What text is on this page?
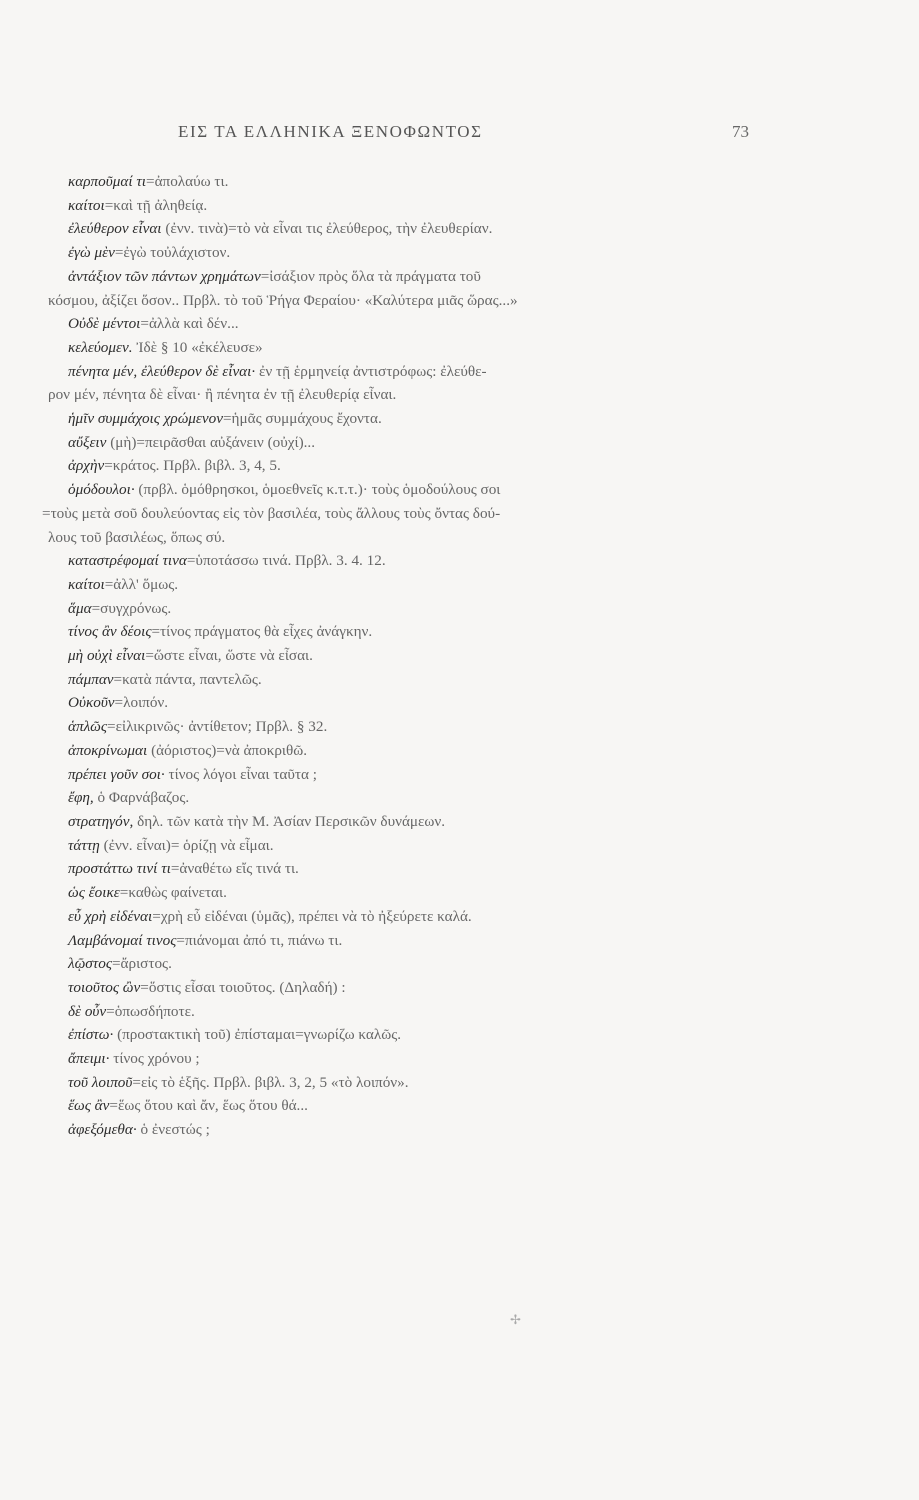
ΕΙΣ ΤΑ ΕΛΛΗΝΙΚΑ ΞΕΝΟΦΩΝΤΟΣ	73
καρποῦμαί τι=ἀπολαύω τι.
καίτοι=καὶ τῇ ἀληθείᾳ.
ἐλεύθερον εἶναι (ἐνν. τινὰ)=τὸ νὰ εἶναι τις ἐλεύθερος, τὴν ἐλευθερίαν.
ἐγὼ μὲν=ἐγὼ τοὐλάχιστον.
ἀντάξιον τῶν πάντων χρημάτων=ἰσάξιον πρὸς ὅλα τὰ πράγματα τοῦ
κόσμου, ἀξίζει ὅσον.. Πρβλ. τὸ τοῦ Ῥήγα Φεραίου· «Καλύτερα μιᾶς ὥρας...»
Οὐδὲ μέντοι=ἀλλὰ καὶ δέν...
κελεύομεν. Ἰδὲ § 10 «ἐκέλευσε»
πένητα μέν, ἐλεύθερον δὲ εἶναι· ἐν τῇ ἑρμηνείᾳ ἀντιστρόφως: ἐλεύθε-
ρον μέν, πένητα δὲ εἶναι· ἢ πένητα ἐν τῇ ἐλευθερίᾳ εἶναι.
ἡμῖν συμμάχοις χρώμενον=ἡμᾶς συμμάχους ἔχοντα.
αὔξειν (μὴ)=πειρᾶσθαι αὐξάνειν (οὐχί)...
ἀρχὴν=κράτος. Πρβλ. βιβλ. 3, 4, 5.
ὁμόδουλοι· (πρβλ. ὁμόθρησκοι, ὁμοεθνεῖς κ.τ.τ.)· τοὺς ὁμοδούλους σοι
=τοὺς μετὰ σοῦ δουλεύοντας εἰς τὸν βασιλέα, τοὺς ἄλλους τοὺς ὄντας δού-
λους τοῦ βασιλέως, ὅπως σύ.
καταστρέφομαί τινα=ὑποτάσσω τινά. Πρβλ. 3. 4. 12.
καίτοι=ἀλλ' ὅμως.
ἅμα=συγχρόνως.
τίνος ἂν δέοις=τίνος πράγματος θὰ εἶχες ἀνάγκην.
μὴ οὐχὶ εἶναι=ὥστε εἶναι, ὥστε νὰ εἶσαι.
πάμπαν=κατὰ πάντα, παντελῶς.
Οὐκοῦν=λοιπόν.
ἁπλῶς=εἰλικρινῶς· ἀντίθετον; Πρβλ. § 32.
ἀποκρίνωμαι (ἀόριστος)=νὰ ἀποκριθῶ.
πρέπει γοῦν σοι· τίνος λόγοι εἶναι ταῦτα ;
ἔφη, ὁ Φαρνάβαζος.
στρατηγόν, δηλ. τῶν κατὰ τὴν Μ. Ἀσίαν Περσικῶν δυνάμεων.
τάττῃ (ἐνν. εἶναι)= ὁρίζῃ νὰ εἶμαι.
προστάττω τινί τι=ἀναθέτω εἴς τινά τι.
ὡς ἔοικε=καθὼς φαίνεται.
εὖ χρὴ εἰδέναι=χρὴ εὖ εἰδέναι (ὑμᾶς), πρέπει νὰ τὸ ἠξεύρετε καλά.
Λαμβάνομαί τινος=πιάνομαι ἀπό τι, πιάνω τι.
λῷστος=ἄριστος.
τοιοῦτος ὢν=ὅστις εἶσαι τοιοῦτος. (Δηλαδή) :
δὲ οὖν=ὁπωσδήποτε.
ἐπίστω· (προστακτικὴ τοῦ) ἐπίσταμαι=γνωρίζω καλῶς.
ἄπειμι· τίνος χρόνου ;
τοῦ λοιποῦ=εἰς τὸ ἑξῆς. Πρβλ. βιβλ. 3, 2, 5 «τὸ λοιπόν».
ἕως ἂν=ἕως ὅτου καὶ ἄν, ἕως ὅτου θά...
ἀφεξόμεθα· ὁ ἐνεστώς ;
✢
